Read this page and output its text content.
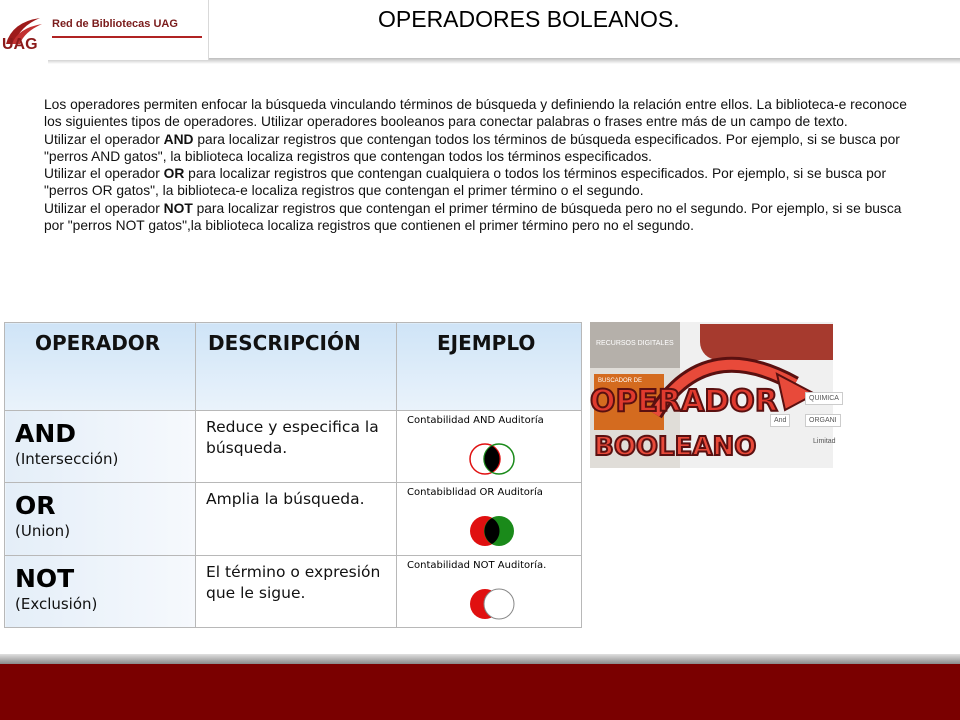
UAG
Red de Bibliotecas UAG	OPERADORES BOLEANOS.

Los operadores permiten enfocar la búsqueda vinculando términos de búsqueda y definiendo la relación entre ellos. La biblioteca-e reconoce los siguientes tipos de operadores. Utilizar operadores booleanos para conectar palabras o frases entre más de un campo de texto.

Utilizar el operador AND para localizar registros que contengan todos los términos de búsqueda especificados. Por ejemplo, si se busca por "perros AND gatos", la biblioteca localiza registros que contengan todos los términos especificados.

Utilizar el operador OR para localizar registros que contengan cualquiera o todos los términos especificados. Por ejemplo, si se busca por "perros OR gatos", la biblioteca-e localiza registros que contengan el primer término o el segundo.

Utilizar el operador NOT para localizar registros que contengan el primer término de búsqueda pero no el segundo. Por ejemplo, si se busca por "perros NOT gatos",la biblioteca localiza registros que contienen el primer término pero no el segundo.

OPERADOR	DESCRIPCIÓN	EJEMPLO

AND
(Intersección)	Reduce y especifica la búsqueda.	Contabilidad AND Auditoría

OR
(Union)	Amplia la búsqueda.	Contabiblidad OR Auditoría

NOT
(Exclusión)	El término o expresión que le sigue.	Contabilidad NOT Auditoría.
RECURSOS DIGITALES
BUSCADOR DE
QUIMICA
And	ORGANI
Limitad
OPERADOR
BOOLEANO
